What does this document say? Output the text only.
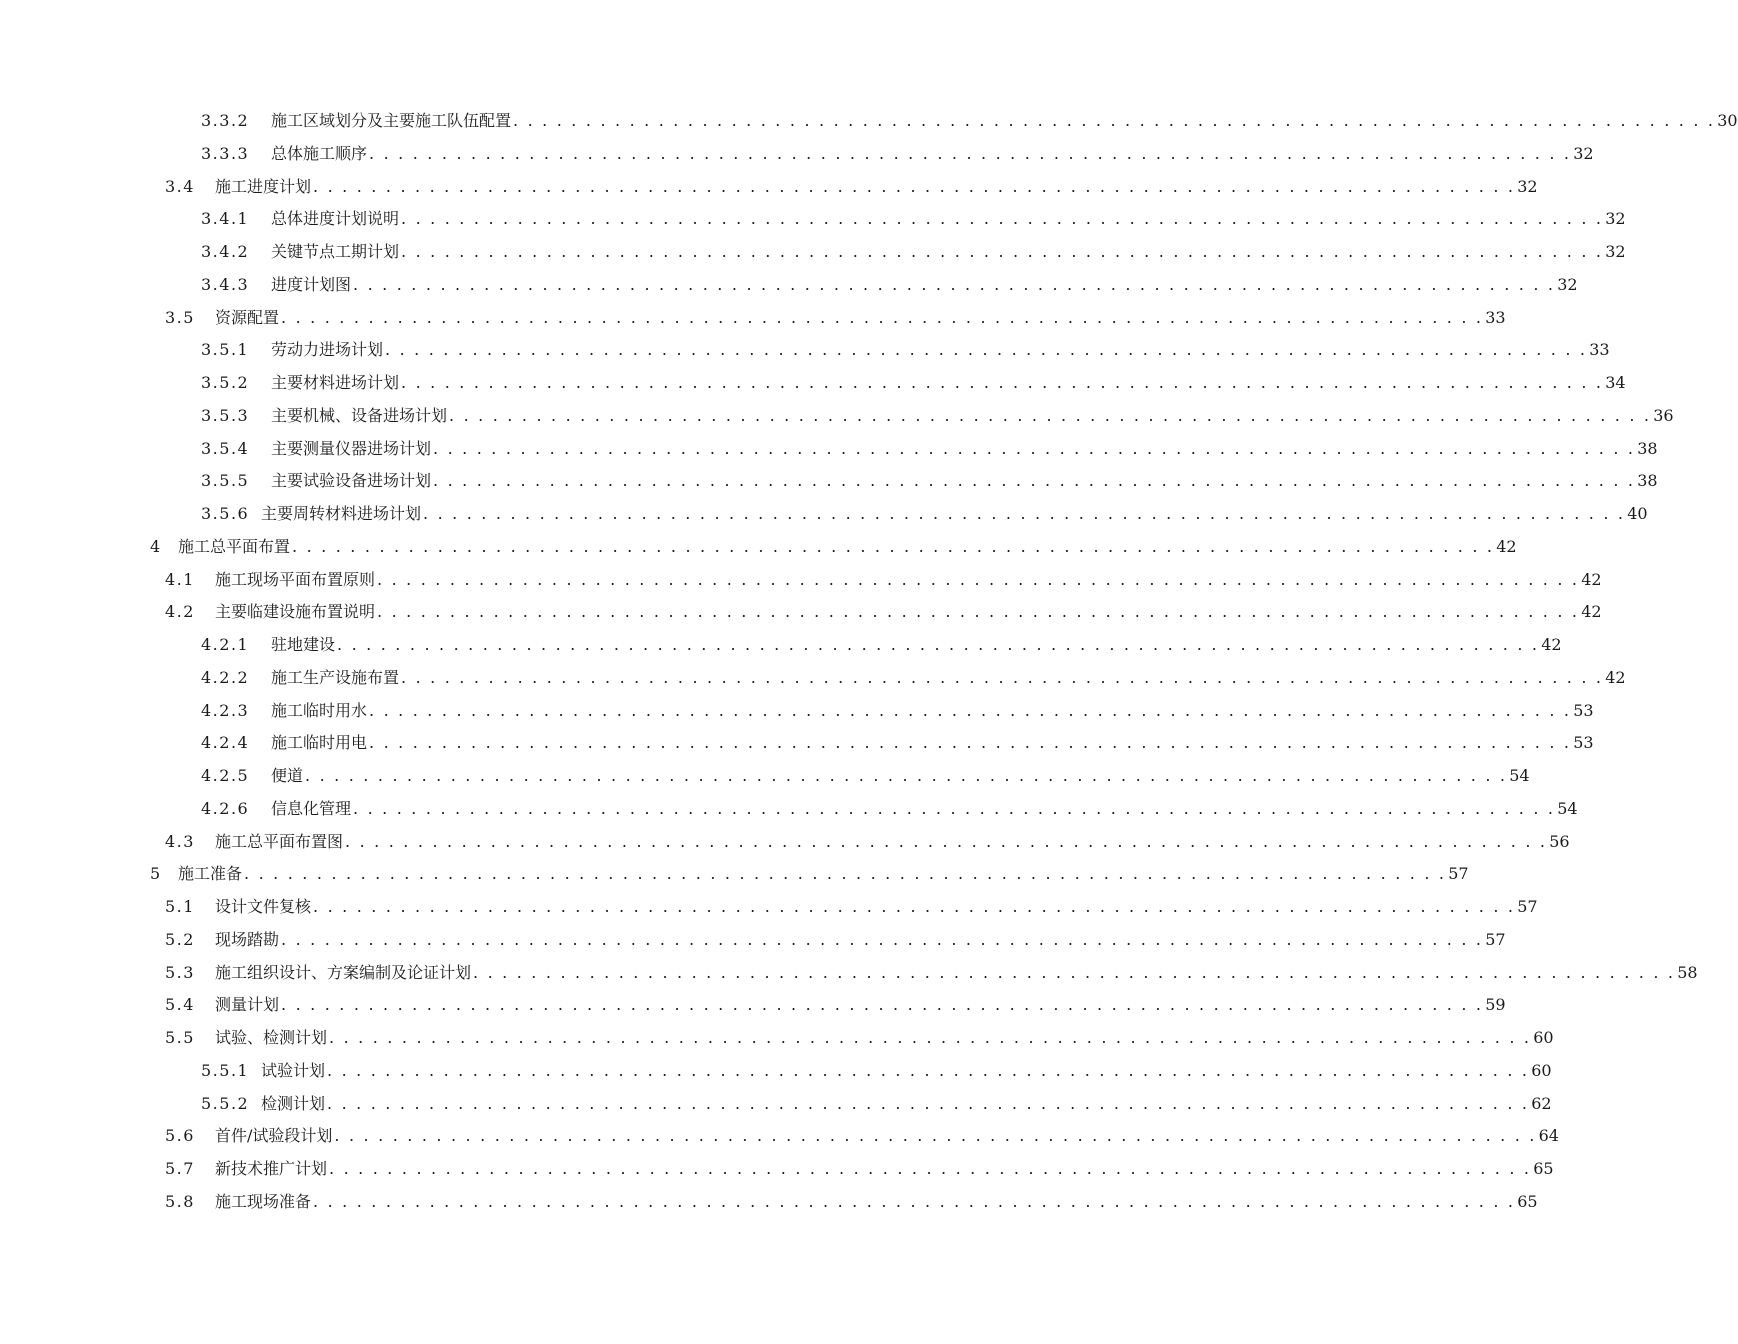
3.3.2	施工区域划分及主要施工队伍配置 . . . . . . . . . . . . . . . . . . . . . . . . . . . . . . . . . . . . . . . . . . . . . . . . . . . . . . . . . . . . . . . . . . . . . . . . . . . . . . . . . . . 30
3.3.3	总体施工顺序 . . . . . . . . . . . . . . . . . . . . . . . . . . . . . . . . . . . . . . . . . . . . . . . . . . . . . . . . . . . . . . . . . . . . . . . . . . . . . . . . . . . 32
3.4	施工进度计划 . . . . . . . . . . . . . . . . . . . . . . . . . . . . . . . . . . . . . . . . . . . . . . . . . . . . . . . . . . . . . . . . . . . . . . . . . . . . . . . . . . . 32
3.4.1	总体进度计划说明 . . . . . . . . . . . . . . . . . . . . . . . . . . . . . . . . . . . . . . . . . . . . . . . . . . . . . . . . . . . . . . . . . . . . . . . . . . . . . . . . . . . 32
3.4.2	关键节点工期计划 . . . . . . . . . . . . . . . . . . . . . . . . . . . . . . . . . . . . . . . . . . . . . . . . . . . . . . . . . . . . . . . . . . . . . . . . . . . . . . . . . . . 32
3.4.3	进度计划图 . . . . . . . . . . . . . . . . . . . . . . . . . . . . . . . . . . . . . . . . . . . . . . . . . . . . . . . . . . . . . . . . . . . . . . . . . . . . . . . . . . . 32
3.5	资源配置 . . . . . . . . . . . . . . . . . . . . . . . . . . . . . . . . . . . . . . . . . . . . . . . . . . . . . . . . . . . . . . . . . . . . . . . . . . . . . . . . . . . 33
3.5.1	劳动力进场计划 . . . . . . . . . . . . . . . . . . . . . . . . . . . . . . . . . . . . . . . . . . . . . . . . . . . . . . . . . . . . . . . . . . . . . . . . . . . . . . . . . . . 33
3.5.2	主要材料进场计划 . . . . . . . . . . . . . . . . . . . . . . . . . . . . . . . . . . . . . . . . . . . . . . . . . . . . . . . . . . . . . . . . . . . . . . . . . . . . . . . . . . . 34
3.5.3	主要机械、设备进场计划 . . . . . . . . . . . . . . . . . . . . . . . . . . . . . . . . . . . . . . . . . . . . . . . . . . . . . . . . . . . . . . . . . . . . . . . . . . . . . . . . . . . 36
3.5.4	主要测量仪器进场计划 . . . . . . . . . . . . . . . . . . . . . . . . . . . . . . . . . . . . . . . . . . . . . . . . . . . . . . . . . . . . . . . . . . . . . . . . . . . . . . . . . . . 38
3.5.5	主要试验设备进场计划 . . . . . . . . . . . . . . . . . . . . . . . . . . . . . . . . . . . . . . . . . . . . . . . . . . . . . . . . . . . . . . . . . . . . . . . . . . . . . . . . . . . 38
3.5.6 主要周转材料进场计划 . . . . . . . . . . . . . . . . . . . . . . . . . . . . . . . . . . . . . . . . . . . . . . . . . . . . . . . . . . . . . . . . . . . . . . . . . . . . . . . . . . . 40
4	施工总平面布置 . . . . . . . . . . . . . . . . . . . . . . . . . . . . . . . . . . . . . . . . . . . . . . . . . . . . . . . . . . . . . . . . . . . . . . . . . . . . . . . . . . . 42
4.1	施工现场平面布置原则 . . . . . . . . . . . . . . . . . . . . . . . . . . . . . . . . . . . . . . . . . . . . . . . . . . . . . . . . . . . . . . . . . . . . . . . . . . . . . . . . . . . 42
4.2	主要临建设施布置说明 . . . . . . . . . . . . . . . . . . . . . . . . . . . . . . . . . . . . . . . . . . . . . . . . . . . . . . . . . . . . . . . . . . . . . . . . . . . . . . . . . . . 42
4.2.1	驻地建设 . . . . . . . . . . . . . . . . . . . . . . . . . . . . . . . . . . . . . . . . . . . . . . . . . . . . . . . . . . . . . . . . . . . . . . . . . . . . . . . . . . . 42
4.2.2	施工生产设施布置 . . . . . . . . . . . . . . . . . . . . . . . . . . . . . . . . . . . . . . . . . . . . . . . . . . . . . . . . . . . . . . . . . . . . . . . . . . . . . . . . . . . 42
4.2.3	施工临时用水 . . . . . . . . . . . . . . . . . . . . . . . . . . . . . . . . . . . . . . . . . . . . . . . . . . . . . . . . . . . . . . . . . . . . . . . . . . . . . . . . . . . 53
4.2.4	施工临时用电 . . . . . . . . . . . . . . . . . . . . . . . . . . . . . . . . . . . . . . . . . . . . . . . . . . . . . . . . . . . . . . . . . . . . . . . . . . . . . . . . . . . 53
4.2.5	便道 . . . . . . . . . . . . . . . . . . . . . . . . . . . . . . . . . . . . . . . . . . . . . . . . . . . . . . . . . . . . . . . . . . . . . . . . . . . . . . . . . . . 54
4.2.6	信息化管理 . . . . . . . . . . . . . . . . . . . . . . . . . . . . . . . . . . . . . . . . . . . . . . . . . . . . . . . . . . . . . . . . . . . . . . . . . . . . . . . . . . . 54
4.3	施工总平面布置图 . . . . . . . . . . . . . . . . . . . . . . . . . . . . . . . . . . . . . . . . . . . . . . . . . . . . . . . . . . . . . . . . . . . . . . . . . . . . . . . . . . . 56
5	施工准备 . . . . . . . . . . . . . . . . . . . . . . . . . . . . . . . . . . . . . . . . . . . . . . . . . . . . . . . . . . . . . . . . . . . . . . . . . . . . . . . . . . . 57
5.1	设计文件复核 . . . . . . . . . . . . . . . . . . . . . . . . . . . . . . . . . . . . . . . . . . . . . . . . . . . . . . . . . . . . . . . . . . . . . . . . . . . . . . . . . . . 57
5.2	现场踏勘 . . . . . . . . . . . . . . . . . . . . . . . . . . . . . . . . . . . . . . . . . . . . . . . . . . . . . . . . . . . . . . . . . . . . . . . . . . . . . . . . . . . 57
5.3	施工组织设计、方案编制及论证计划 . . . . . . . . . . . . . . . . . . . . . . . . . . . . . . . . . . . . . . . . . . . . . . . . . . . . . . . . . . . . . . . . . . . . . . . . . . . . . . . . . . . 58
5.4	测量计划 . . . . . . . . . . . . . . . . . . . . . . . . . . . . . . . . . . . . . . . . . . . . . . . . . . . . . . . . . . . . . . . . . . . . . . . . . . . . . . . . . . . 59
5.5	试验、检测计划 . . . . . . . . . . . . . . . . . . . . . . . . . . . . . . . . . . . . . . . . . . . . . . . . . . . . . . . . . . . . . . . . . . . . . . . . . . . . . . . . . . . 60
5.5.1 试验计划 . . . . . . . . . . . . . . . . . . . . . . . . . . . . . . . . . . . . . . . . . . . . . . . . . . . . . . . . . . . . . . . . . . . . . . . . . . . . . . . . . . . 60
5.5.2 检测计划 . . . . . . . . . . . . . . . . . . . . . . . . . . . . . . . . . . . . . . . . . . . . . . . . . . . . . . . . . . . . . . . . . . . . . . . . . . . . . . . . . . . 62
5.6	首件/试验段计划 . . . . . . . . . . . . . . . . . . . . . . . . . . . . . . . . . . . . . . . . . . . . . . . . . . . . . . . . . . . . . . . . . . . . . . . . . . . . . . . . . . . 64
5.7	新技术推广计划 . . . . . . . . . . . . . . . . . . . . . . . . . . . . . . . . . . . . . . . . . . . . . . . . . . . . . . . . . . . . . . . . . . . . . . . . . . . . . . . . . . . 65
5.8	施工现场准备 . . . . . . . . . . . . . . . . . . . . . . . . . . . . . . . . . . . . . . . . . . . . . . . . . . . . . . . . . . . . . . . . . . . . . . . . . . . . . . . . . . . 65
